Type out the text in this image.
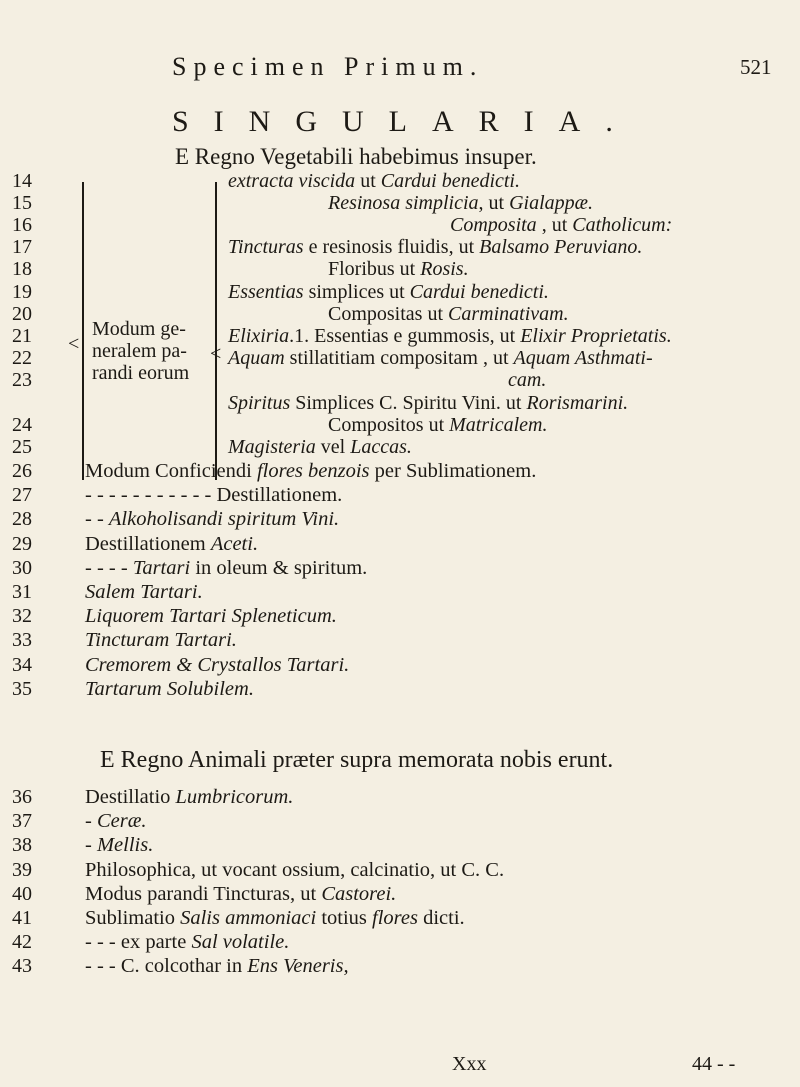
Specimen Primum.	521
SINGULARIA.
E Regno Vegetabili habebimus insuper.
<	<
Modum ge-
neralem pa-
randi eorum
14	extracta viscida ut Cardui benedicti.
15	Resinosa simplicia, ut Gialappæ.
16	Composita , ut Catholicum:
17	Tincturas e resinosis fluidis, ut Balsamo Peruviano.
18	Floribus ut Rosis.
19	Essentias simplices ut Cardui benedicti.
20	Compositas ut Carminativam.
21	Elixiria.1. Essentias e gummosis, ut Elixir Proprietatis.
22	Aquam stillatitiam compositam , ut Aquam Asthmati-
23	cam.
Spiritus Simplices C. Spiritu Vini. ut Rorismarini.
24	Compositos ut Matricalem.
25	Magisteria vel Laccas.
26	Modum Conficiendi flores benzois per Sublimationem.
27	- - - - - - - - - - - Destillationem.
28	- - Alkoholisandi spiritum Vini.
29	Destillationem Aceti.
30	- - - - Tartari in oleum & spiritum.
31	Salem Tartari.
32	Liquorem Tartari Spleneticum.
33	Tincturam Tartari.
34	Cremorem & Crystallos Tartari.
35	Tartarum Solubilem.
E Regno Animali præter supra memorata nobis erunt.
36	Destillatio Lumbricorum.
37	- Ceræ.
38	- Mellis.
39	Philosophica, ut vocant ossium, calcinatio, ut C. C.
40	Modus parandi Tincturas, ut Castorei.
41	Sublimatio Salis ammoniaci totius flores dicti.
42	- - - ex parte Sal volatile.
43	- - - C. colcothar in Ens Veneris,
Xxx	44 - -
